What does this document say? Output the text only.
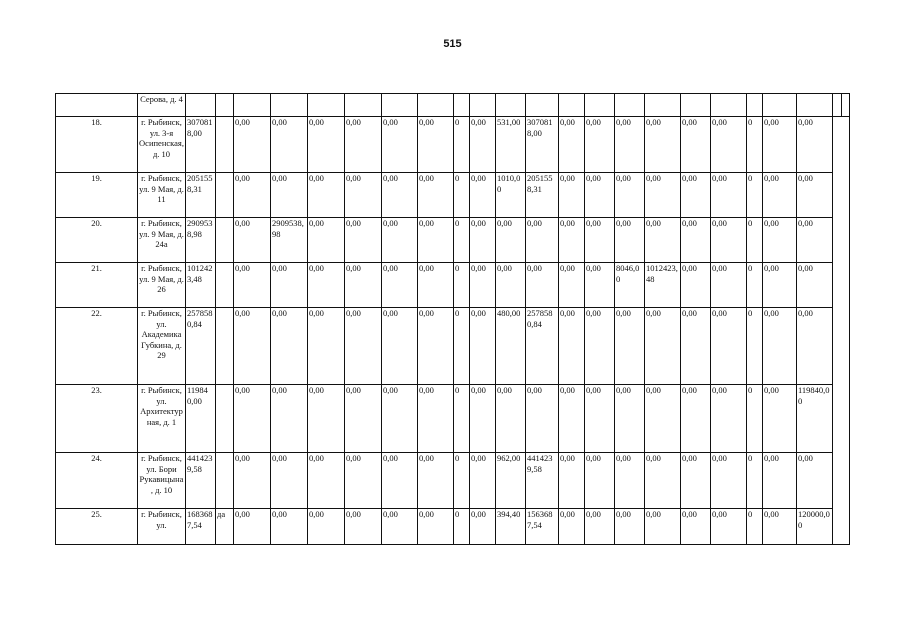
515
	Серова, д. 4																							
18.	г. Рыбинск, ул. 3-я Осипенская, д. 10	3070818,00		0,00	0,00	0,00	0,00	0,00	0,00	0	0,00	531,00	3070818,00	0,00	0,00	0,00	0,00	0,00	0,00	0	0,00	0,00		
19.	г. Рыбинск, ул. 9 Мая, д. 11	2051558,31		0,00	0,00	0,00	0,00	0,00	0,00	0	0,00	1010,00	2051558,31	0,00	0,00	0,00	0,00	0,00	0,00	0	0,00	0,00		
20.	г. Рыбинск, ул. 9 Мая, д. 24а	2909538,98		0,00	2909538,98	0,00	0,00	0,00	0,00	0	0,00	0,00	0,00	0,00	0,00	0,00	0,00	0,00	0,00	0	0,00	0,00		
21.	г. Рыбинск, ул. 9 Мая, д. 26	1012423,48		0,00	0,00	0,00	0,00	0,00	0,00	0	0,00	0,00	0,00	0,00	0,00	8046,00	1012423,48	0,00	0,00	0	0,00	0,00		
22.	г. Рыбинск, ул. Академика Губкина, д. 29	2578580,84		0,00	0,00	0,00	0,00	0,00	0,00	0	0,00	480,00	2578580,84	0,00	0,00	0,00	0,00	0,00	0,00	0	0,00	0,00		
23.	г. Рыбинск, ул. Архитектурная, д. 1	119840,00		0,00	0,00	0,00	0,00	0,00	0,00	0	0,00	0,00	0,00	0,00	0,00	0,00	0,00	0,00	0,00	0	0,00	119840,00		
24.	г. Рыбинск, ул. Бори Рукавицына, д. 10	4414239,58		0,00	0,00	0,00	0,00	0,00	0,00	0	0,00	962,00	4414239,58	0,00	0,00	0,00	0,00	0,00	0,00	0	0,00	0,00		
25.	г. Рыбинск, ул.	1683687,54	да	0,00	0,00	0,00	0,00	0,00	0,00	0	0,00	394,40	1563687,54	0,00	0,00	0,00	0,00	0,00	0,00	0	0,00	120000,00		
